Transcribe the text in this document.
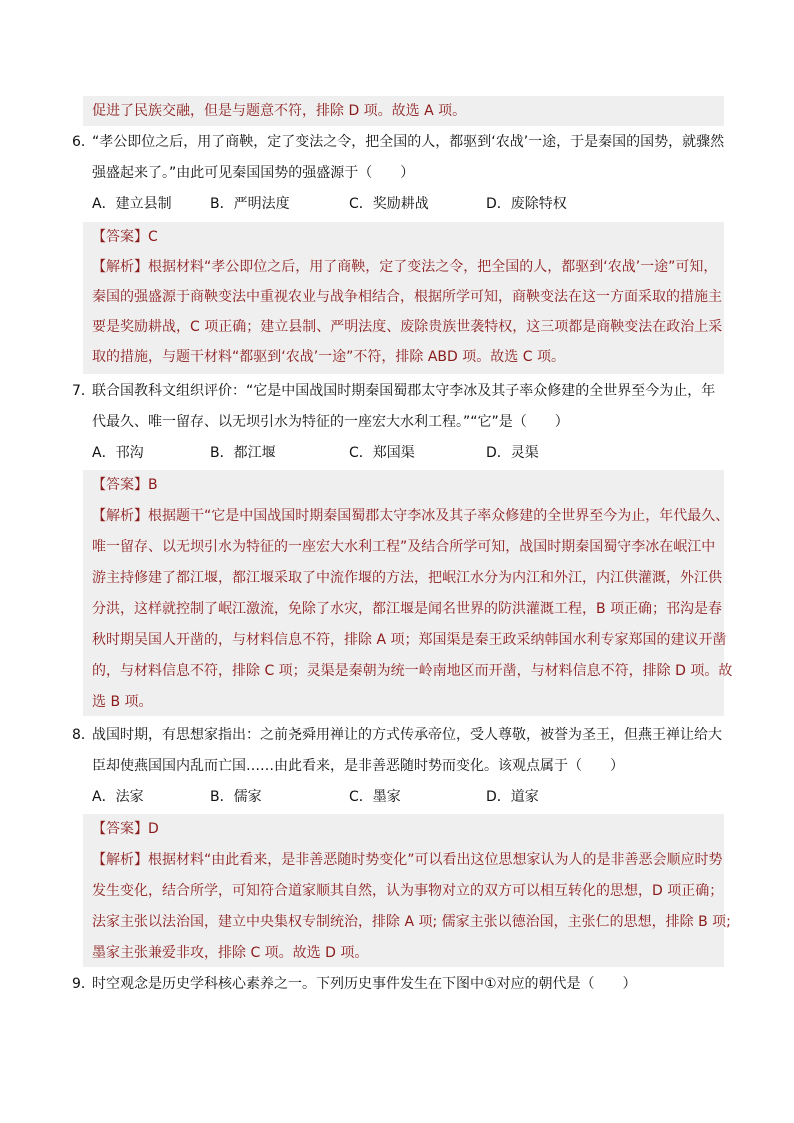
促进了民族交融，但是与题意不符，排除 D 项。故选 A 项。
6．
“孝公即位之后，用了商鞅，定了变法之令，把全国的人，都驱到‘农战’一途，于是秦国的国势，就骤然
强盛起来了。”由此可见秦国国势的强盛源于（　　）
A．建立县制	B．严明法度	C．奖励耕战	D．废除特权
【答案】C
【解析】根据材料“孝公即位之后，用了商鞅，定了变法之令，把全国的人，都驱到‘农战’一途”可知，
秦国的强盛源于商鞅变法中重视农业与战争相结合，根据所学可知，商鞅变法在这一方面采取的措施主
要是奖励耕战，C 项正确；建立县制、严明法度、废除贵族世袭特权，这三项都是商鞅变法在政治上采
取的措施，与题干材料“都驱到‘农战’一途”不符，排除 ABD 项。故选 C 项。
7．
联合国教科文组织评价：“它是中国战国时期秦国蜀郡太守李冰及其子率众修建的全世界至今为止，年
代最久、唯一留存、以无坝引水为特征的一座宏大水利工程。”“它”是（　　）
A．邗沟	B．都江堰	C．郑国渠	D．灵渠
【答案】B
【解析】根据题干“它是中国战国时期秦国蜀郡太守李冰及其子率众修建的全世界至今为止，年代最久、
唯一留存、以无坝引水为特征的一座宏大水利工程”及结合所学可知，战国时期秦国蜀守李冰在岷江中
游主持修建了都江堰，都江堰采取了中流作堰的方法，把岷江水分为内江和外江，内江供灌溉，外江供
分洪，这样就控制了岷江激流，免除了水灾，都江堰是闻名世界的防洪灌溉工程，B 项正确；邗沟是春
秋时期吴国人开凿的，与材料信息不符，排除 A 项；郑国渠是秦王政采纳韩国水利专家郑国的建议开凿
的，与材料信息不符，排除 C 项；灵渠是秦朝为统一岭南地区而开凿，与材料信息不符，排除 D 项。故
选 B 项。
8．
战国时期，有思想家指出：之前尧舜用禅让的方式传承帝位，受人尊敬，被誉为圣王，但燕王禅让给大
臣却使燕国国内乱而亡国……由此看来，是非善恶随时势而变化。该观点属于（　　）
A．法家	B．儒家	C．墨家	D．道家
【答案】D
【解析】根据材料“由此看来，是非善恶随时势变化”可以看出这位思想家认为人的是非善恶会顺应时势
发生变化，结合所学，可知符合道家顺其自然，认为事物对立的双方可以相互转化的思想，D 项正确；
法家主张以法治国，建立中央集权专制统治，排除 A 项; 儒家主张以德治国，主张仁的思想，排除 B 项;
墨家主张兼爱非攻，排除 C 项。故选 D 项。
9．
时空观念是历史学科核心素养之一。下列历史事件发生在下图中①对应的朝代是（　　）
